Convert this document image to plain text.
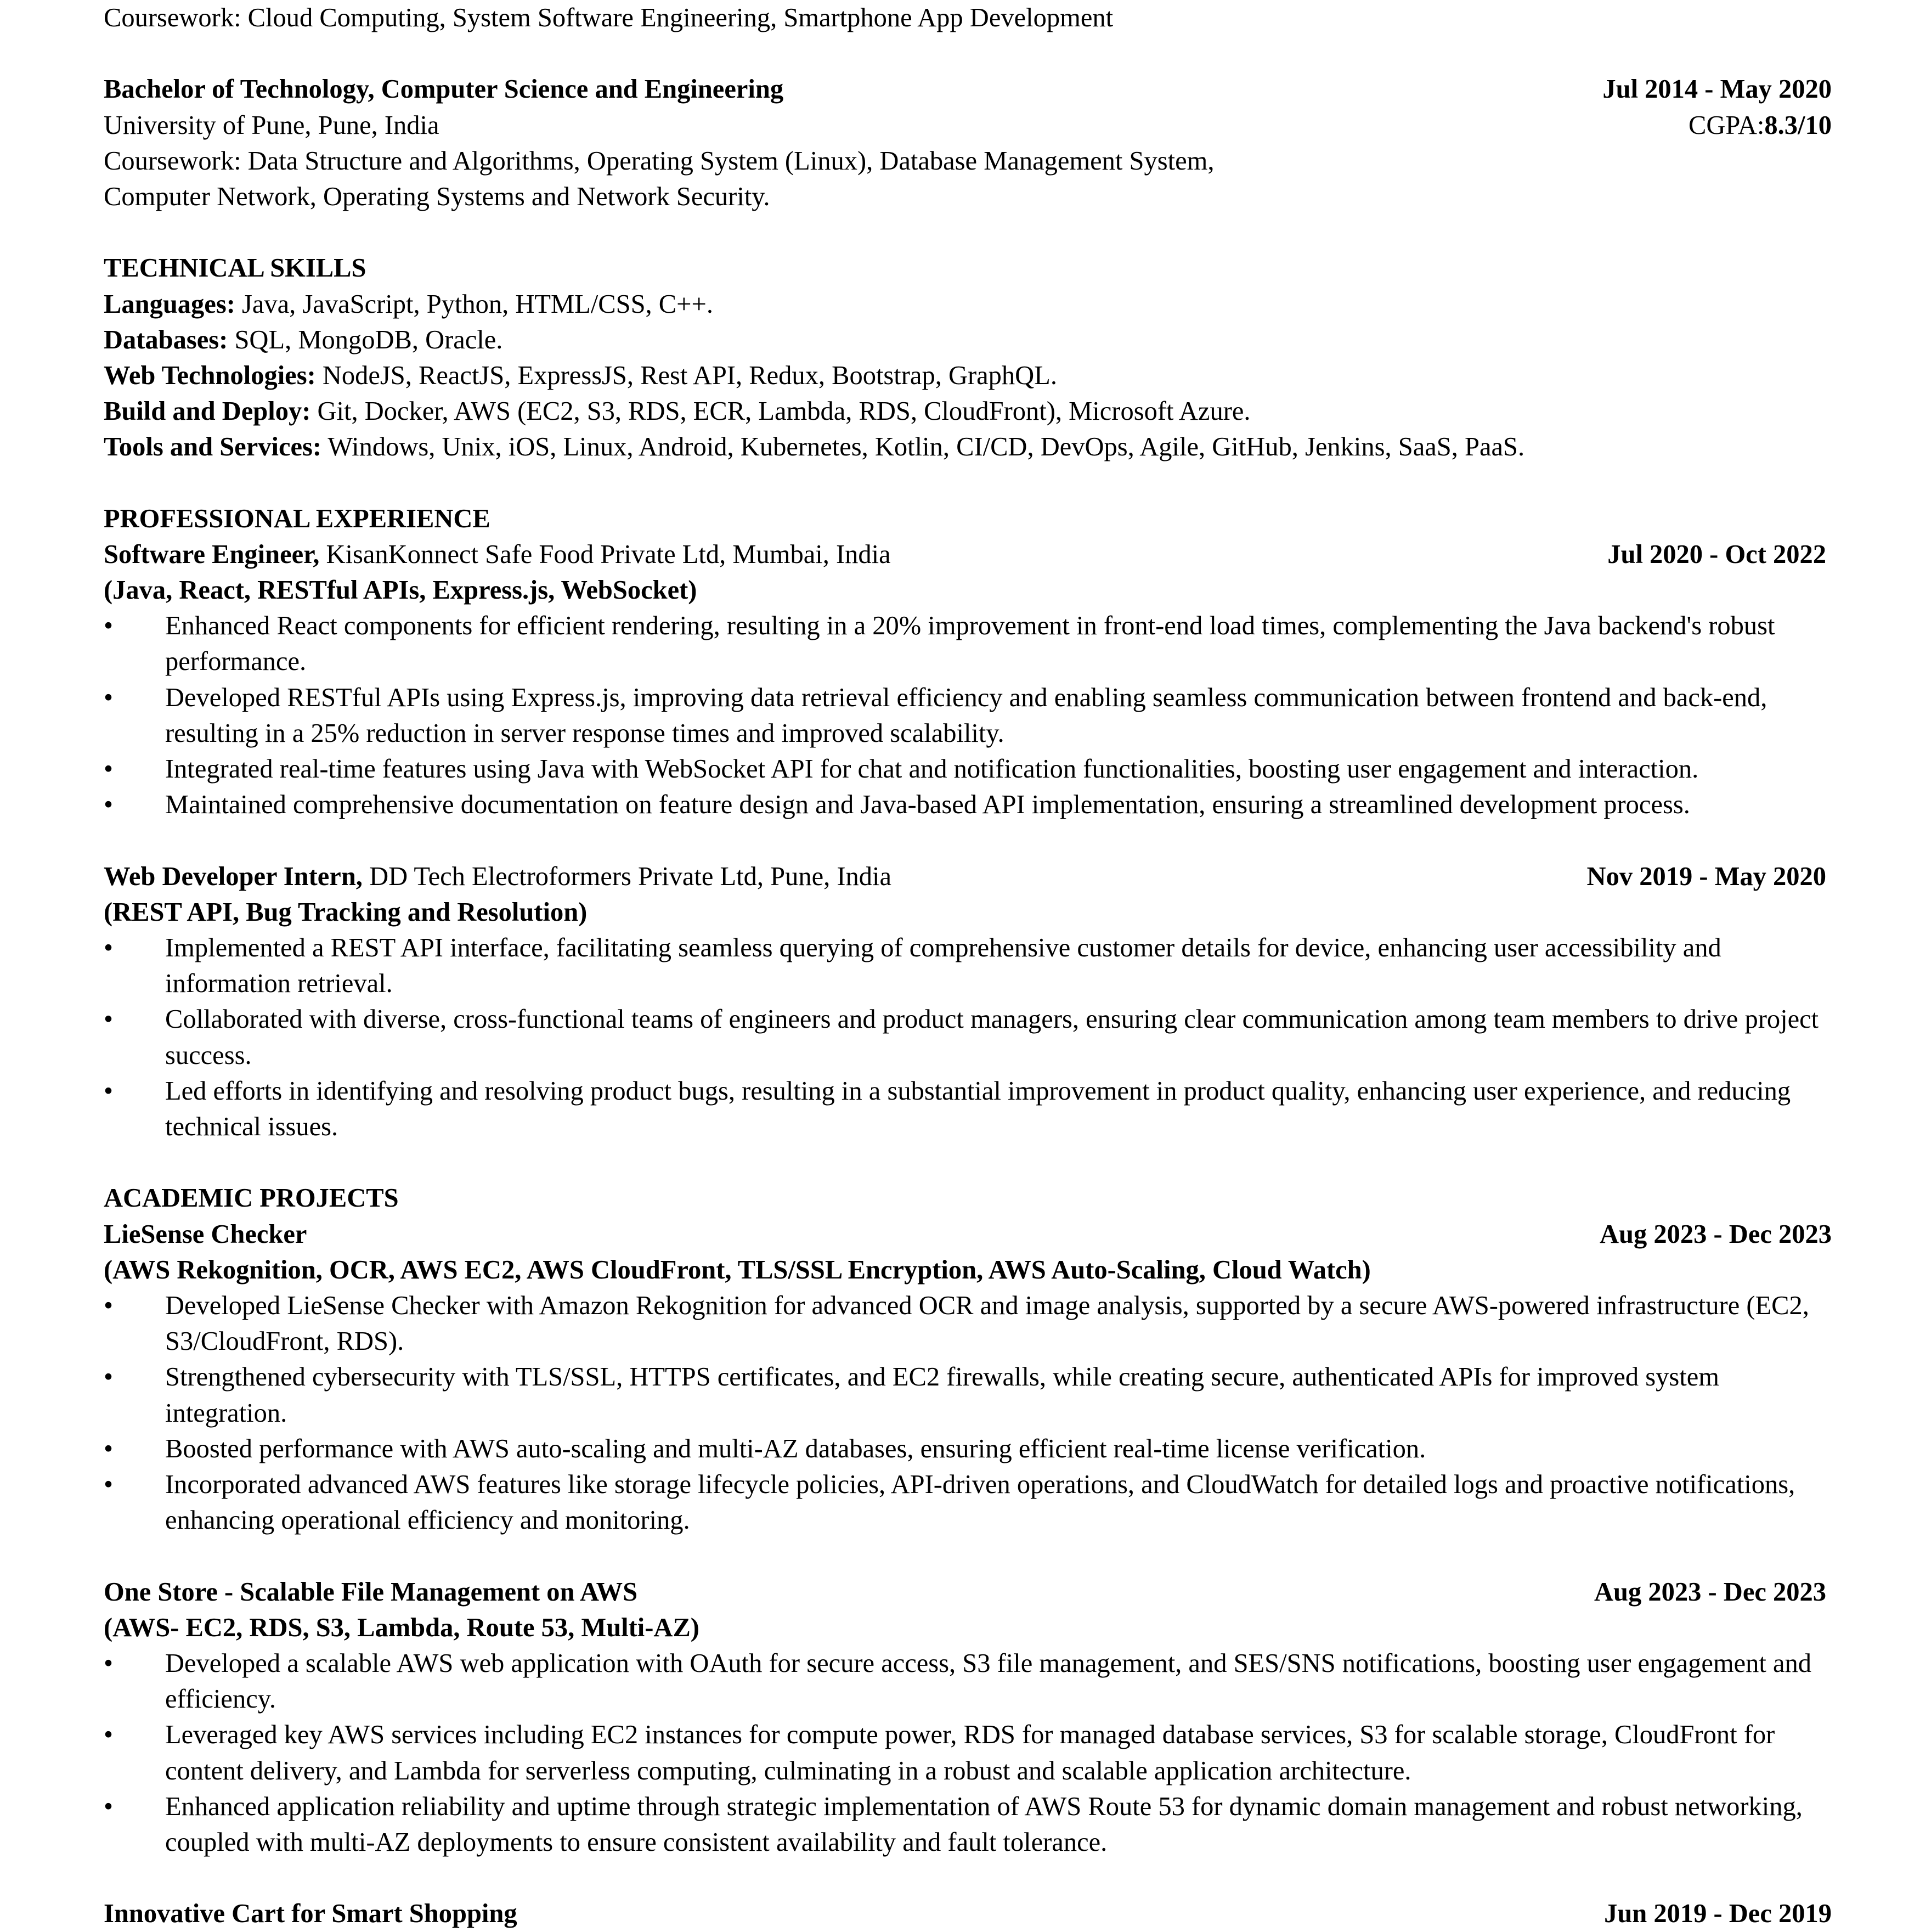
Coursework: Cloud Computing, System Software Engineering, Smartphone App Development
Bachelor of Technology, Computer Science and Engineering	Jul 2014 - May 2020
University of Pune, Pune, India	CGPA:8.3/10
Coursework: Data Structure and Algorithms, Operating System (Linux), Database Management System,
Computer Network, Operating Systems and Network Security.
TECHNICAL SKILLS
Languages: Java, JavaScript, Python, HTML/CSS, C++.
Databases: SQL, MongoDB, Oracle.
Web Technologies: NodeJS, ReactJS, ExpressJS, Rest API, Redux, Bootstrap, GraphQL.
Build and Deploy: Git, Docker, AWS (EC2, S3, RDS, ECR, Lambda, RDS, CloudFront), Microsoft Azure.
Tools and Services: Windows, Unix, iOS, Linux, Android, Kubernetes, Kotlin, CI/CD, DevOps, Agile, GitHub, Jenkins, SaaS, PaaS.
PROFESSIONAL EXPERIENCE
Software Engineer, KisanKonnect Safe Food Private Ltd, Mumbai, India	Jul 2020 - Oct 2022
(Java, React, RESTful APIs, Express.js, WebSocket)
•	Enhanced React components for efficient rendering, resulting in a 20% improvement in front-end load times, complementing the Java backend's robust performance.
•	Developed RESTful APIs using Express.js, improving data retrieval efficiency and enabling seamless communication between frontend and back-end, resulting in a 25% reduction in server response times and improved scalability.
•	Integrated real-time features using Java with WebSocket API for chat and notification functionalities, boosting user engagement and interaction.
•	Maintained comprehensive documentation on feature design and Java-based API implementation, ensuring a streamlined development process.
Web Developer Intern, DD Tech Electroformers Private Ltd, Pune, India	Nov 2019 - May 2020
(REST API, Bug Tracking and Resolution)
•	Implemented a REST API interface, facilitating seamless querying of comprehensive customer details for device, enhancing user accessibility and information retrieval.
•	Collaborated with diverse, cross-functional teams of engineers and product managers, ensuring clear communication among team members to drive project success.
•	Led efforts in identifying and resolving product bugs, resulting in a substantial improvement in product quality, enhancing user experience, and reducing technical issues.
ACADEMIC PROJECTS
LieSense Checker	Aug 2023 - Dec 2023
(AWS Rekognition, OCR, AWS EC2, AWS CloudFront, TLS/SSL Encryption, AWS Auto-Scaling, Cloud Watch)
•	Developed LieSense Checker with Amazon Rekognition for advanced OCR and image analysis, supported by a secure AWS-powered infrastructure (EC2, S3/CloudFront, RDS).
•	Strengthened cybersecurity with TLS/SSL, HTTPS certificates, and EC2 firewalls, while creating secure, authenticated APIs for improved system integration.
•	Boosted performance with AWS auto-scaling and multi-AZ databases, ensuring efficient real-time license verification.
•	Incorporated advanced AWS features like storage lifecycle policies, API-driven operations, and CloudWatch for detailed logs and proactive notifications, enhancing operational efficiency and monitoring.
One Store - Scalable File Management on AWS	Aug 2023 - Dec 2023
(AWS- EC2, RDS, S3, Lambda, Route 53, Multi-AZ)
•	Developed a scalable AWS web application with OAuth for secure access, S3 file management, and SES/SNS notifications, boosting user engagement and efficiency.
•	Leveraged key AWS services including EC2 instances for compute power, RDS for managed database services, S3 for scalable storage, CloudFront for content delivery, and Lambda for serverless computing, culminating in a robust and scalable application architecture.
•	Enhanced application reliability and uptime through strategic implementation of AWS Route 53 for dynamic domain management and robust networking, coupled with multi-AZ deployments to ensure consistent availability and fault tolerance.
Innovative Cart for Smart Shopping	Jun 2019 - Dec 2019
